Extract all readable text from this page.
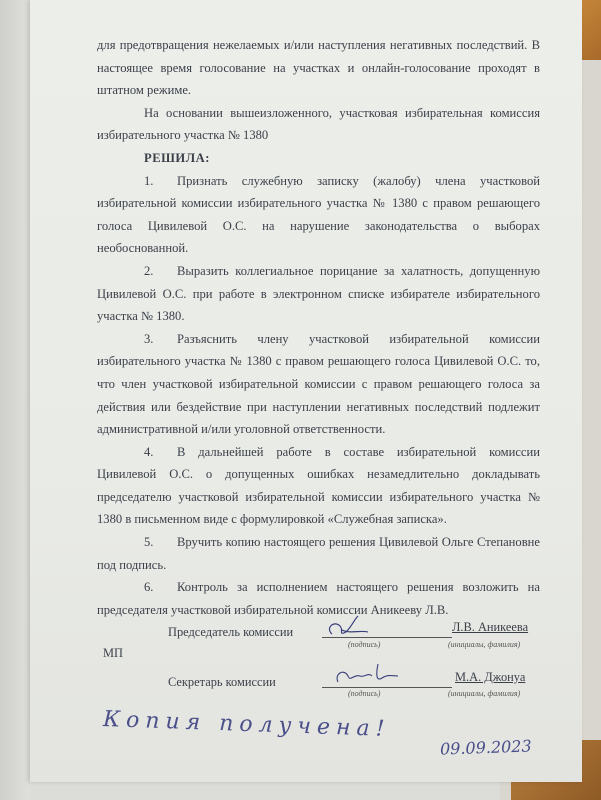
для предотвращения нежелаемых и/или наступления негативных последствий. В настоящее время голосование на участках и онлайн-голосование проходят в штатном режиме.

На основании вышеизложенного, участковая избирательная комиссия избирательного участка № 1380

РЕШИЛА:

1. Признать служебную записку (жалобу) члена участковой избирательной комиссии избирательного участка № 1380 с правом решающего голоса Цивилевой О.С. на нарушение законодательства о выборах необоснованной.

2. Выразить коллегиальное порицание за халатность, допущенную Цивилевой О.С. при работе в электронном списке избирателе избирательного участка № 1380.

3. Разъяснить члену участковой избирательной комиссии избирательного участка № 1380 с правом решающего голоса Цивилевой О.С. то, что член участковой избирательной комиссии с правом решающего голоса за действия или бездействие при наступлении негативных последствий подлежит административной и/или уголовной ответственности.

4. В дальнейшей работе в составе избирательной комиссии Цивилевой О.С. о допущенных ошибках незамедлительно докладывать председателю участковой избирательной комиссии избирательного участка № 1380 в письменном виде с формулировкой «Служебная записка».

5. Вручить копию настоящего решения Цивилевой Ольге Степановне под подпись.

6. Контроль за исполнением настоящего решения возложить на председателя участковой избирательной комиссии Аникееву Л.В.

Председатель комиссии
(подпись)
Л.В. Аникеева
(инициалы, фамилия)
МП
Секретарь комиссии
(подпись)
М.А. Джонуа
(инициалы, фамилия)
Копия получена!
09.09.2023
